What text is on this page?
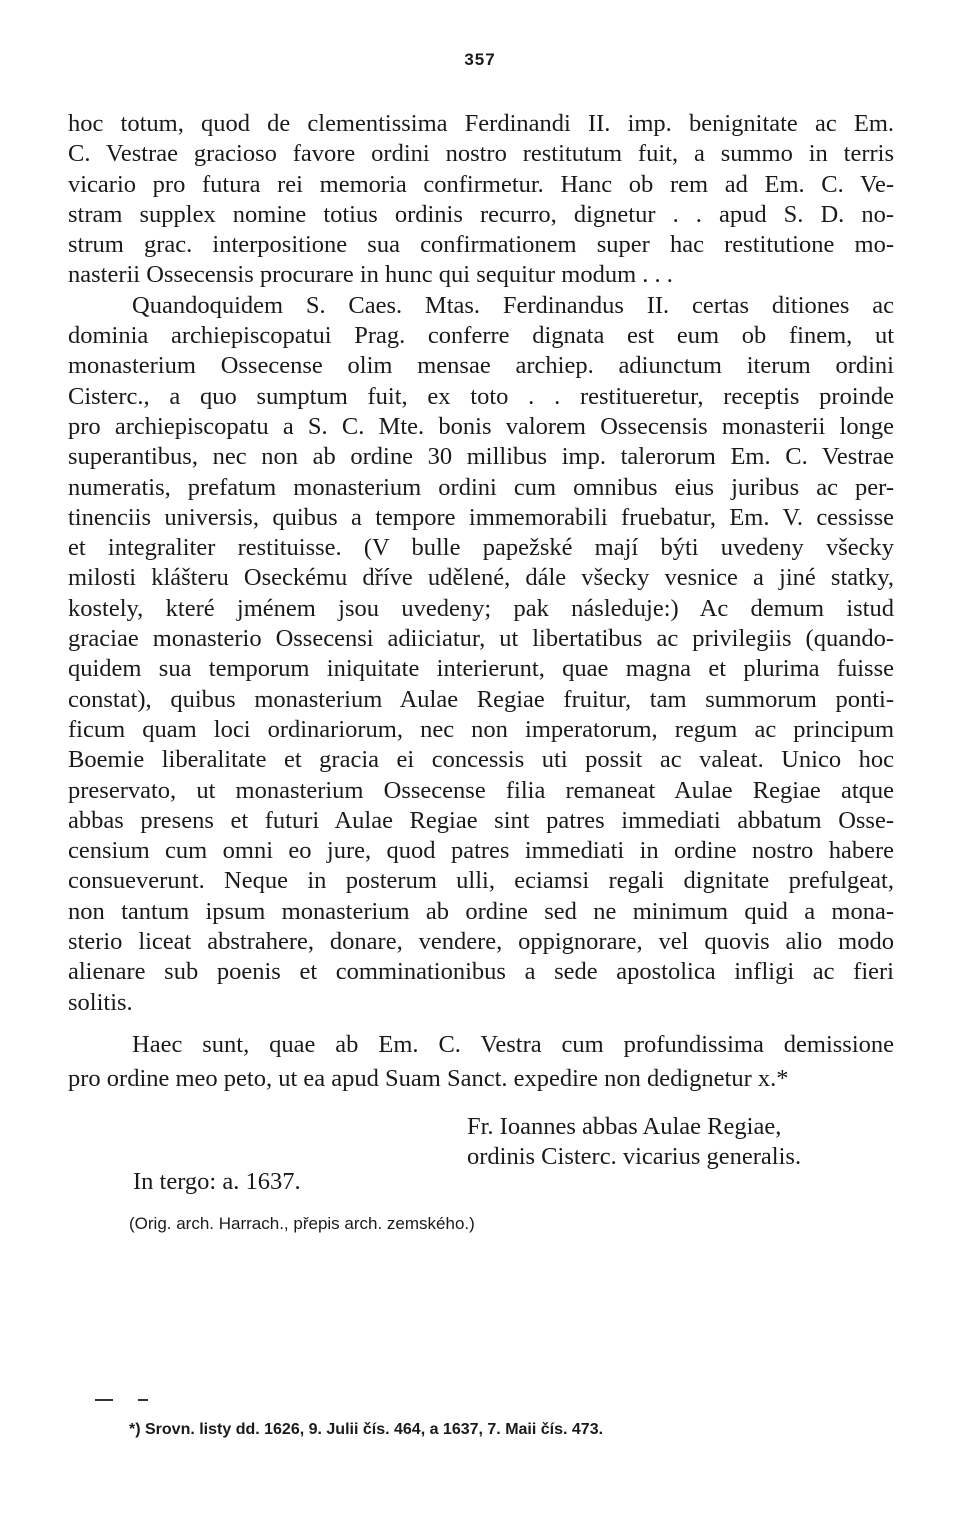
357
hoc totum, quod de clementissima Ferdinandi II. imp. benignitate ac Em.
C. Vestrae gracioso favore ordini nostro restitutum fuit, a summo in terris
vicario pro futura rei memoria confirmetur. Hanc ob rem ad Em. C. Ve-
stram supplex nomine totius ordinis recurro, dignetur . . apud S. D. no-
strum grac. interpositione sua confirmationem super hac restitutione mo-
nasterii Ossecensis procurare in hunc qui sequitur modum . . .
Quandoquidem S. Caes. Mtas. Ferdinandus II. certas ditiones ac
dominia archiepiscopatui Prag. conferre dignata est eum ob finem, ut
monasterium Ossecense olim mensae archiep. adiunctum iterum ordini
Cisterc., a quo sumptum fuit, ex toto . . restitueretur, receptis proinde
pro archiepiscopatu a S. C. Mte. bonis valorem Ossecensis monasterii longe
superantibus, nec non ab ordine 30 millibus imp. talerorum Em. C. Vestrae
numeratis, prefatum monasterium ordini cum omnibus eius juribus ac per-
tinenciis universis, quibus a tempore immemorabili fruebatur, Em. V. cessisse
et integraliter restituisse. (V bulle papežské mají býti uvedeny všecky
milosti klášteru Oseckému dříve udělené, dále všecky vesnice a jiné statky,
kostely, které jménem jsou uvedeny; pak následuje:) Ac demum istud
graciae monasterio Ossecensi adiiciatur, ut libertatibus ac privilegiis (quando-
quidem sua temporum iniquitate interierunt, quae magna et plurima fuisse
constat), quibus monasterium Aulae Regiae fruitur, tam summorum ponti-
ficum quam loci ordinariorum, nec non imperatorum, regum ac principum
Boemie liberalitate et gracia ei concessis uti possit ac valeat. Unico hoc
preservato, ut monasterium Ossecense filia remaneat Aulae Regiae atque
abbas presens et futuri Aulae Regiae sint patres immediati abbatum Osse-
censium cum omni eo jure, quod patres immediati in ordine nostro habere
consueverunt. Neque in posterum ulli, eciamsi regali dignitate prefulgeat,
non tantum ipsum monasterium ab ordine sed ne minimum quid a mona-
sterio liceat abstrahere, donare, vendere, oppignorare, vel quovis alio modo
alienare sub poenis et comminationibus a sede apostolica infligi ac fieri
solitis.
Haec sunt, quae ab Em. C. Vestra cum profundissima demissione
pro ordine meo peto, ut ea apud Suam Sanct. expedire non dedignetur x.*
Fr. Ioannes abbas Aulae Regiae,
ordinis Cisterc. vicarius generalis.
In tergo: a. 1637.
(Orig. arch. Harrach., přepis arch. zemského.)
*) Srovn. listy dd. 1626, 9. Julii čís. 464, a 1637, 7. Maii čís. 473.
